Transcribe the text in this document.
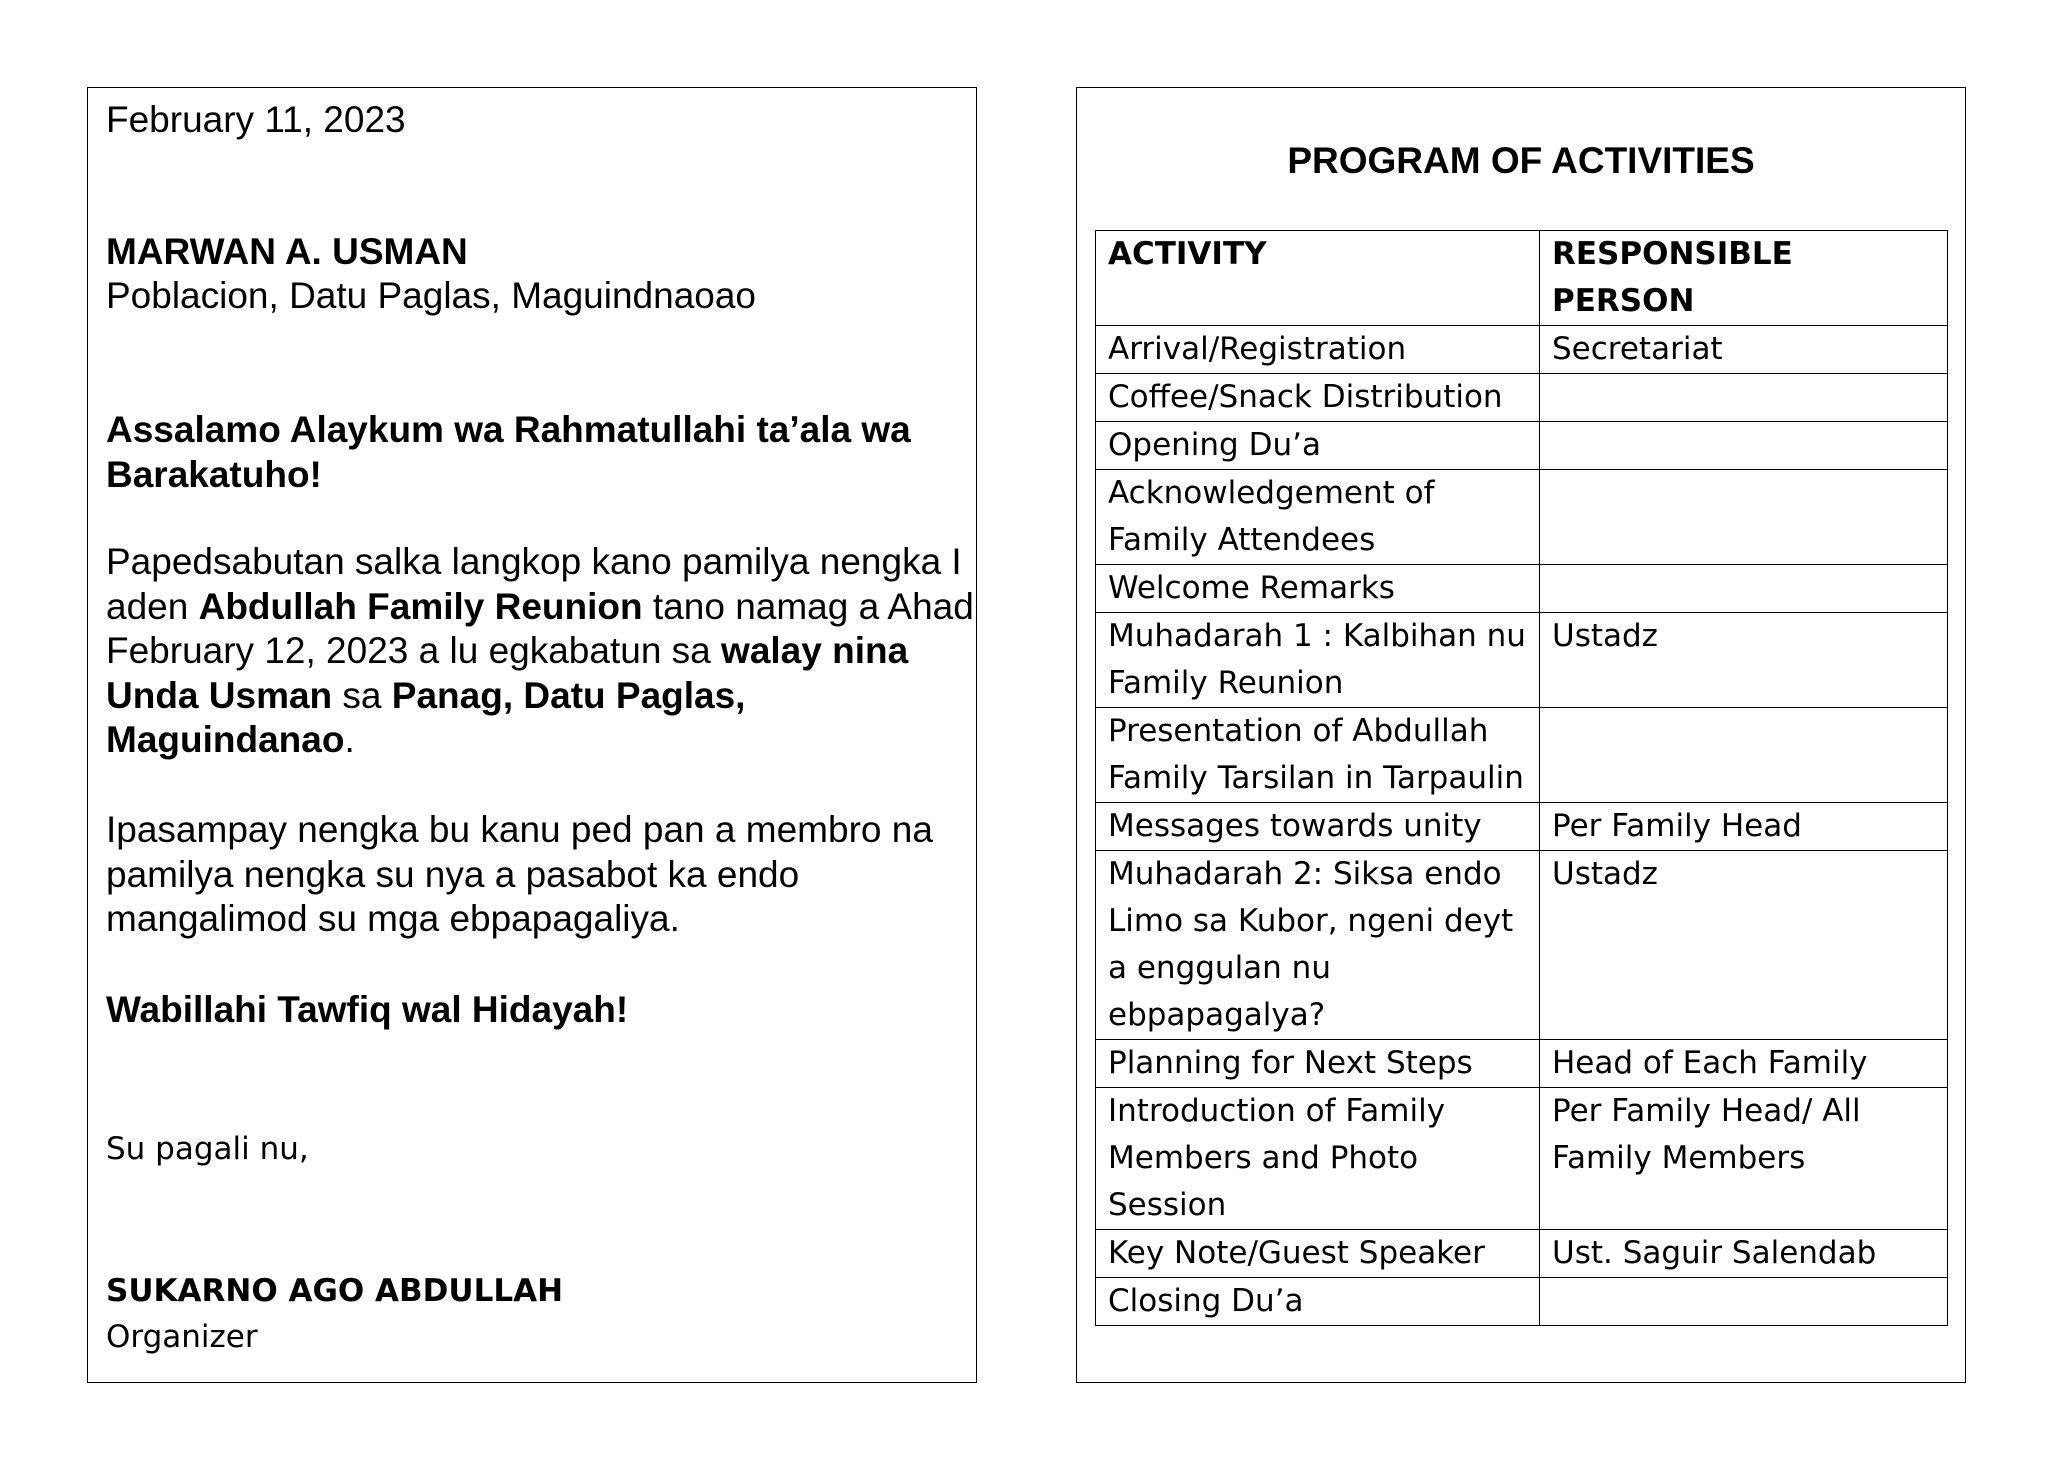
February 11, 2023

MARWAN A. USMAN

Poblacion, Datu Paglas, Maguindnaoao

Assalamo Alaykum wa Rahmatullahi ta’ala wa Barakatuho!

Papedsabutan salka langkop kano pamilya nengka I aden Abdullah Family Reunion tano namag a Ahad February 12, 2023 a lu egkabatun sa walay nina Unda Usman sa Panag, Datu Paglas, Maguindanao.

Ipasampay nengka bu kanu ped pan a membro na pamilya nengka su nya a pasabot ka endo mangalimod su mga ebpapagaliya.

Wabillahi Tawfiq wal Hidayah!

Su pagali nu,

SUKARNO AGO ABDULLAH

Organizer

PROGRAM OF ACTIVITIES
ACTIVITY	RESPONSIBLE PERSON
Arrival/Registration	Secretariat
Coffee/Snack Distribution	
Opening Du’a	
Acknowledgement of Family Attendees	
Welcome Remarks	
Muhadarah 1 : Kalbihan nu Family Reunion	Ustadz
Presentation of Abdullah Family Tarsilan in Tarpaulin	
Messages towards unity	Per Family Head
Muhadarah 2: Siksa endo Limo sa Kubor, ngeni deyt a enggulan nu ebpapagalya?	Ustadz
Planning for Next Steps	Head of Each Family
Introduction of Family Members and Photo Session	Per Family Head/ All Family Members
Key Note/Guest Speaker	Ust. Saguir Salendab
Closing Du’a	
